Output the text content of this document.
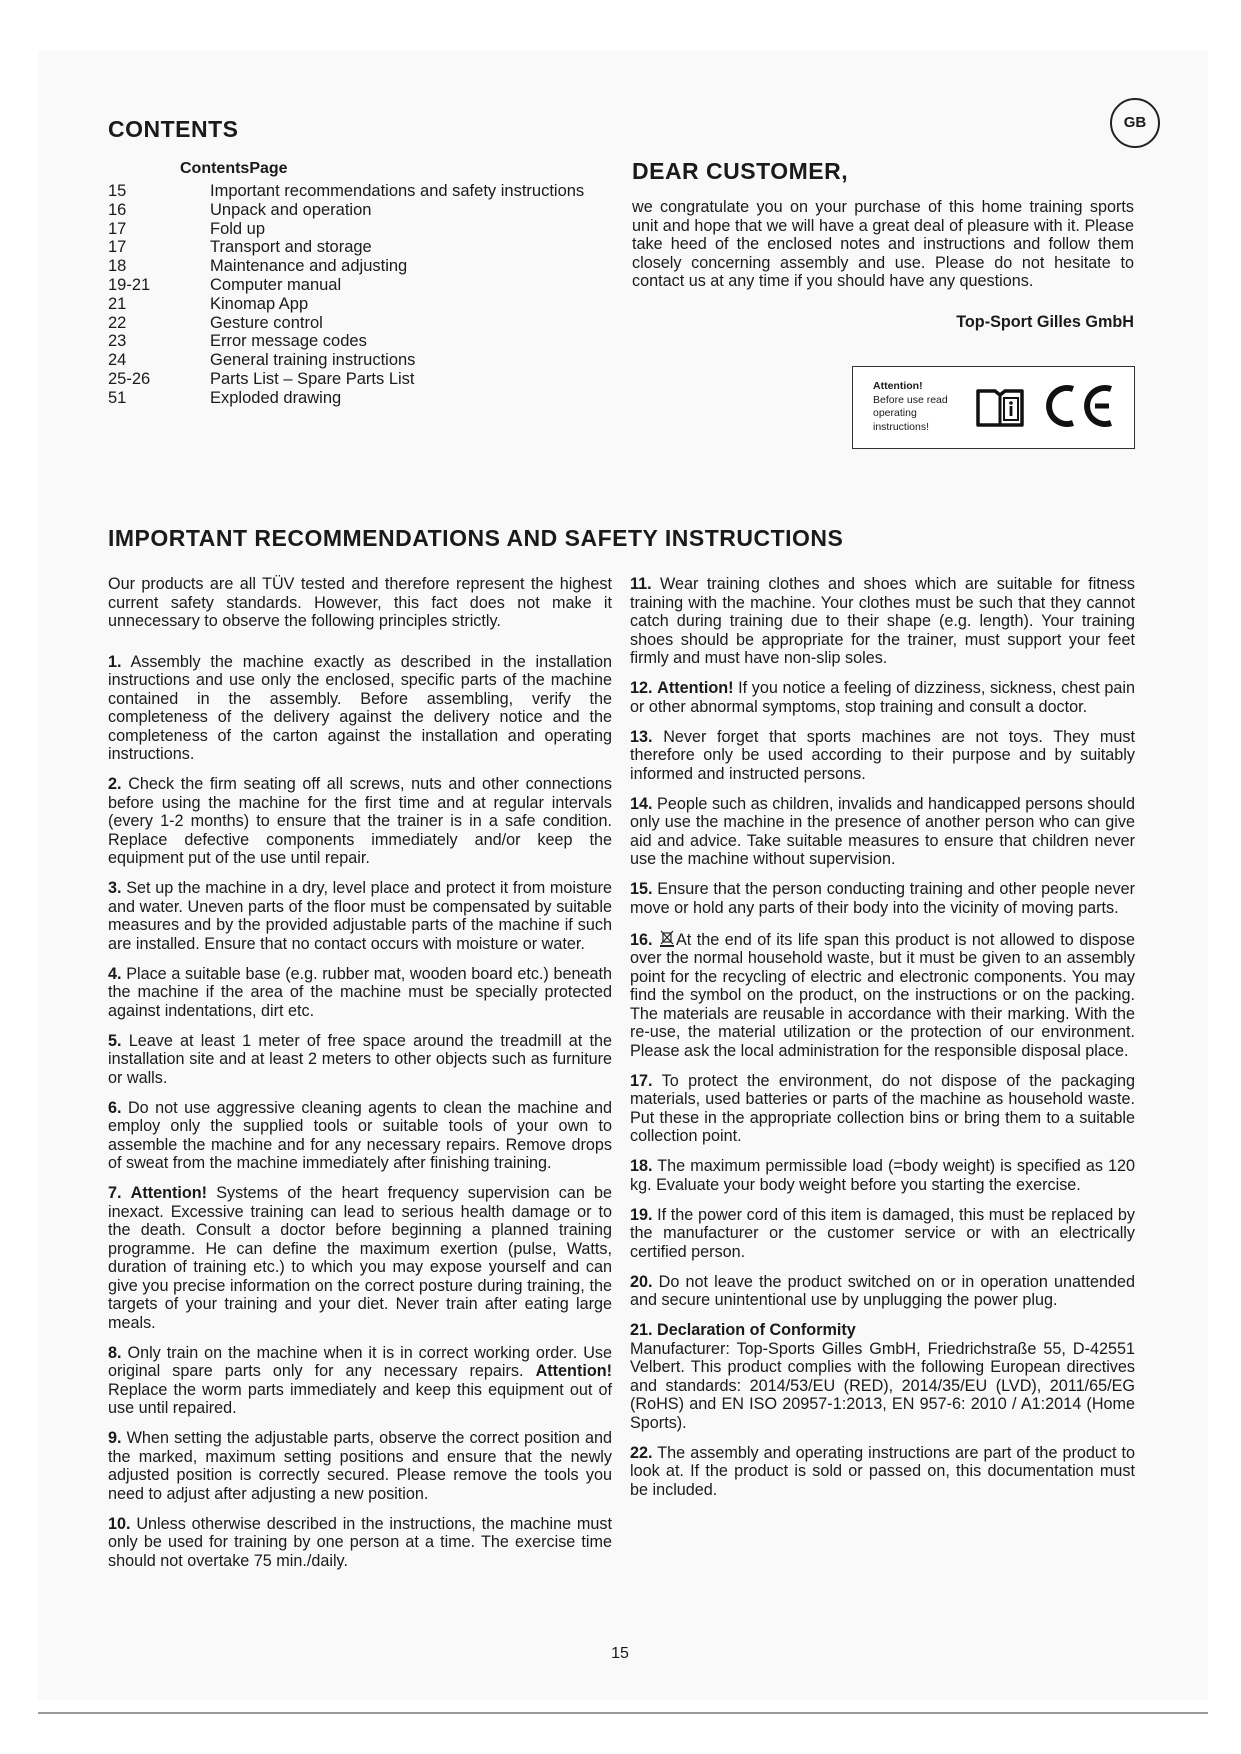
CONTENTS	GB
ContentsPage
15	Important recommendations and safety instructions
16	Unpack and operation
17	Fold up
17	Transport and storage
18	Maintenance and adjusting
19-21	Computer manual
21	Kinomap App
22	Gesture control
23	Error message codes
24	General training instructions
25-26	Parts List – Spare Parts List
51	Exploded drawing
DEAR CUSTOMER,
we congratulate you on your purchase of this home training sports unit and hope that we will have a great deal of pleasure with it. Please take heed of the enclosed notes and instructions and follow them closely concerning assembly and use. Please do not hesitate to contact us at any time if you should have any questions.
Top-Sport Gilles GmbH
Attention!
Before use read operating instructions!
IMPORTANT RECOMMENDATIONS AND SAFETY INSTRUCTIONS

Our products are all TÜV tested and therefore represent the highest current safety standards. However, this fact does not make it unnecessary to observe the following principles strictly.

1. Assembly the machine exactly as described in the installation instructions and use only the enclosed, specific parts of the machine contained in the assembly. Before assembling, verify the completeness of the delivery against the delivery notice and the completeness of the carton against the installation and operating instructions.

2. Check the firm seating off all screws, nuts and other connections before using the machine for the first time and at regular intervals (every 1-2 months) to ensure that the trainer is in a safe condition. Replace defective components immediately and/or keep the equipment put of the use until repair.

3. Set up the machine in a dry, level place and protect it from moisture and water. Uneven parts of the floor must be compensated by suitable measures and by the provided adjustable parts of the machine if such are installed. Ensure that no contact occurs with moisture or water.

4. Place a suitable base (e.g. rubber mat, wooden board etc.) beneath the machine if the area of the machine must be specially protected against indentations, dirt etc.

5. Leave at least 1 meter of free space around the treadmill at the installation site and at least 2 meters to other objects such as furniture or walls.

6. Do not use aggressive cleaning agents to clean the machine and employ only the supplied tools or suitable tools of your own to assemble the machine and for any necessary repairs. Remove drops of sweat from the machine immediately after finishing training.

7. Attention! Systems of the heart frequency supervision can be inexact. Excessive training can lead to serious health damage or to the death. Consult a doctor before beginning a planned training programme. He can define the maximum exertion (pulse, Watts, duration of training etc.) to which you may expose yourself and can give you precise information on the correct posture during training, the targets of your training and your diet. Never train after eating large meals.

8. Only train on the machine when it is in correct working order. Use original spare parts only for any necessary repairs. Attention! Replace the worm parts immediately and keep this equipment out of use until repaired.

9. When setting the adjustable parts, observe the correct position and the marked, maximum setting positions and ensure that the newly adjusted position is correctly secured. Please remove the tools you need to adjust after adjusting a new position.

10. Unless otherwise described in the instructions, the machine must only be used for training by one person at a time. The exercise time should not overtake 75 min./daily.

11. Wear training clothes and shoes which are suitable for fitness training with the machine. Your clothes must be such that they cannot catch during training due to their shape (e.g. length). Your training shoes should be appropriate for the trainer, must support your feet firmly and must have non-slip soles.

12. Attention! If you notice a feeling of dizziness, sickness, chest pain or other abnormal symptoms, stop training and consult a doctor.

13. Never forget that sports machines are not toys. They must therefore only be used according to their purpose and by suitably informed and instructed persons.

14. People such as children, invalids and handicapped persons should only use the machine in the presence of another person who can give aid and advice. Take suitable measures to ensure that children never use the machine without supervision.

15. Ensure that the person conducting training and other people never move or hold any parts of their body into the vicinity of moving parts.

16. At the end of its life span this product is not allowed to dispose over the normal household waste, but it must be given to an assembly point for the recycling of electric and electronic components. You may find the symbol on the product, on the instructions or on the packing. The materials are reusable in accordance with their marking. With the re-use, the material utilization or the protection of our environment. Please ask the local administration for the responsible disposal place.

17. To protect the environment, do not dispose of the packaging materials, used batteries or parts of the machine as household waste. Put these in the appropriate collection bins or bring them to a suitable collection point.

18. The maximum permissible load (=body weight) is specified as 120 kg. Evaluate your body weight before you starting the exercise.

19. If the power cord of this item is damaged, this must be replaced by the manufacturer or the customer service or with an electrically certified person.

20. Do not leave the product switched on or in operation unattended and secure unintentional use by unplugging the power plug.

21. Declaration of Conformity
Manufacturer: Top-Sports Gilles GmbH, Friedrichstraße 55, D-42551 Velbert. This product complies with the following European directives and standards: 2014/53/EU (RED), 2014/35/EU (LVD), 2011/65/EG (RoHS) and EN ISO 20957-1:2013, EN 957-6: 2010 / A1:2014 (Home Sports).

22. The assembly and operating instructions are part of the product to look at. If the product is sold or passed on, this documentation must be included.

15
